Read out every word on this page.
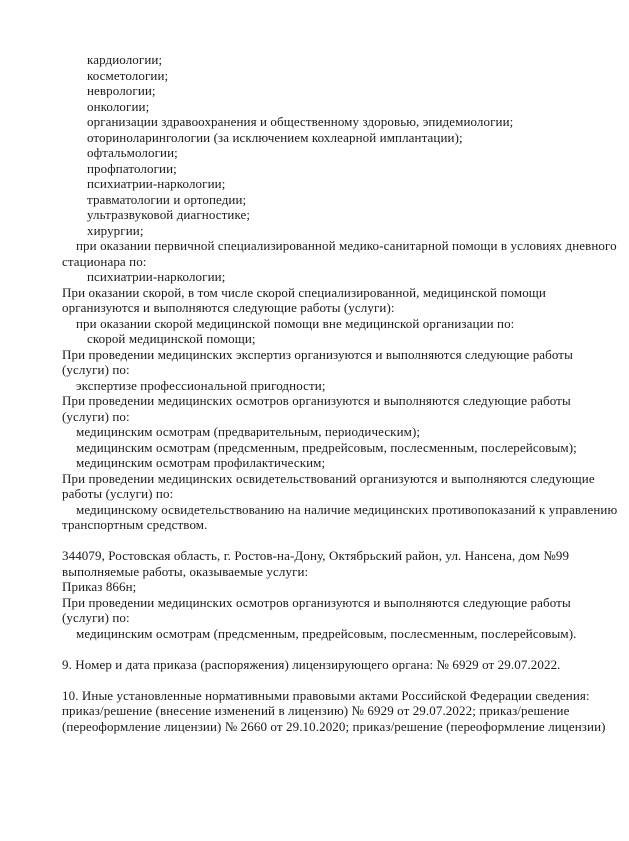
кардиологии;
косметологии;
неврологии;
онкологии;
организации здравоохранения и общественному здоровью, эпидемиологии;
оториноларингологии (за исключением кохлеарной имплантации);
офтальмологии;
профпатологии;
психиатрии-наркологии;
травматологии и ортопедии;
ультразвуковой диагностике;
хирургии;
при оказании первичной специализированной медико-санитарной помощи в условиях дневного
стационара по:
психиатрии-наркологии;
При оказании скорой, в том числе скорой специализированной, медицинской помощи
организуются и выполняются следующие работы (услуги):
при оказании скорой медицинской помощи вне медицинской организации по:
скорой медицинской помощи;
При проведении медицинских экспертиз организуются и выполняются следующие работы
(услуги) по:
экспертизе профессиональной пригодности;
При проведении медицинских осмотров организуются и выполняются следующие работы
(услуги) по:
медицинским осмотрам (предварительным, периодическим);
медицинским осмотрам (предсменным, предрейсовым, послесменным, послерейсовым);
медицинским осмотрам профилактическим;
При проведении медицинских освидетельствований организуются и выполняются следующие
работы (услуги) по:
медицинскому освидетельствованию на наличие медицинских противопоказаний к управлению
транспортным средством.

344079, Ростовская область, г. Ростов-на-Дону, Октябрьский район, ул. Нансена, дом №99
выполняемые работы, оказываемые услуги:
Приказ 866н;
При проведении медицинских осмотров организуются и выполняются следующие работы
(услуги) по:
медицинским осмотрам (предсменным, предрейсовым, послесменным, послерейсовым).

9. Номер и дата приказа (распоряжения) лицензирующего органа: № 6929 от 29.07.2022.

10. Иные установленные нормативными правовыми актами Российской Федерации сведения:
приказ/решение (внесение изменений в лицензию) № 6929 от 29.07.2022; приказ/решение
(переоформление лицензии) № 2660 от 29.10.2020; приказ/решение (переоформление лицензии)
